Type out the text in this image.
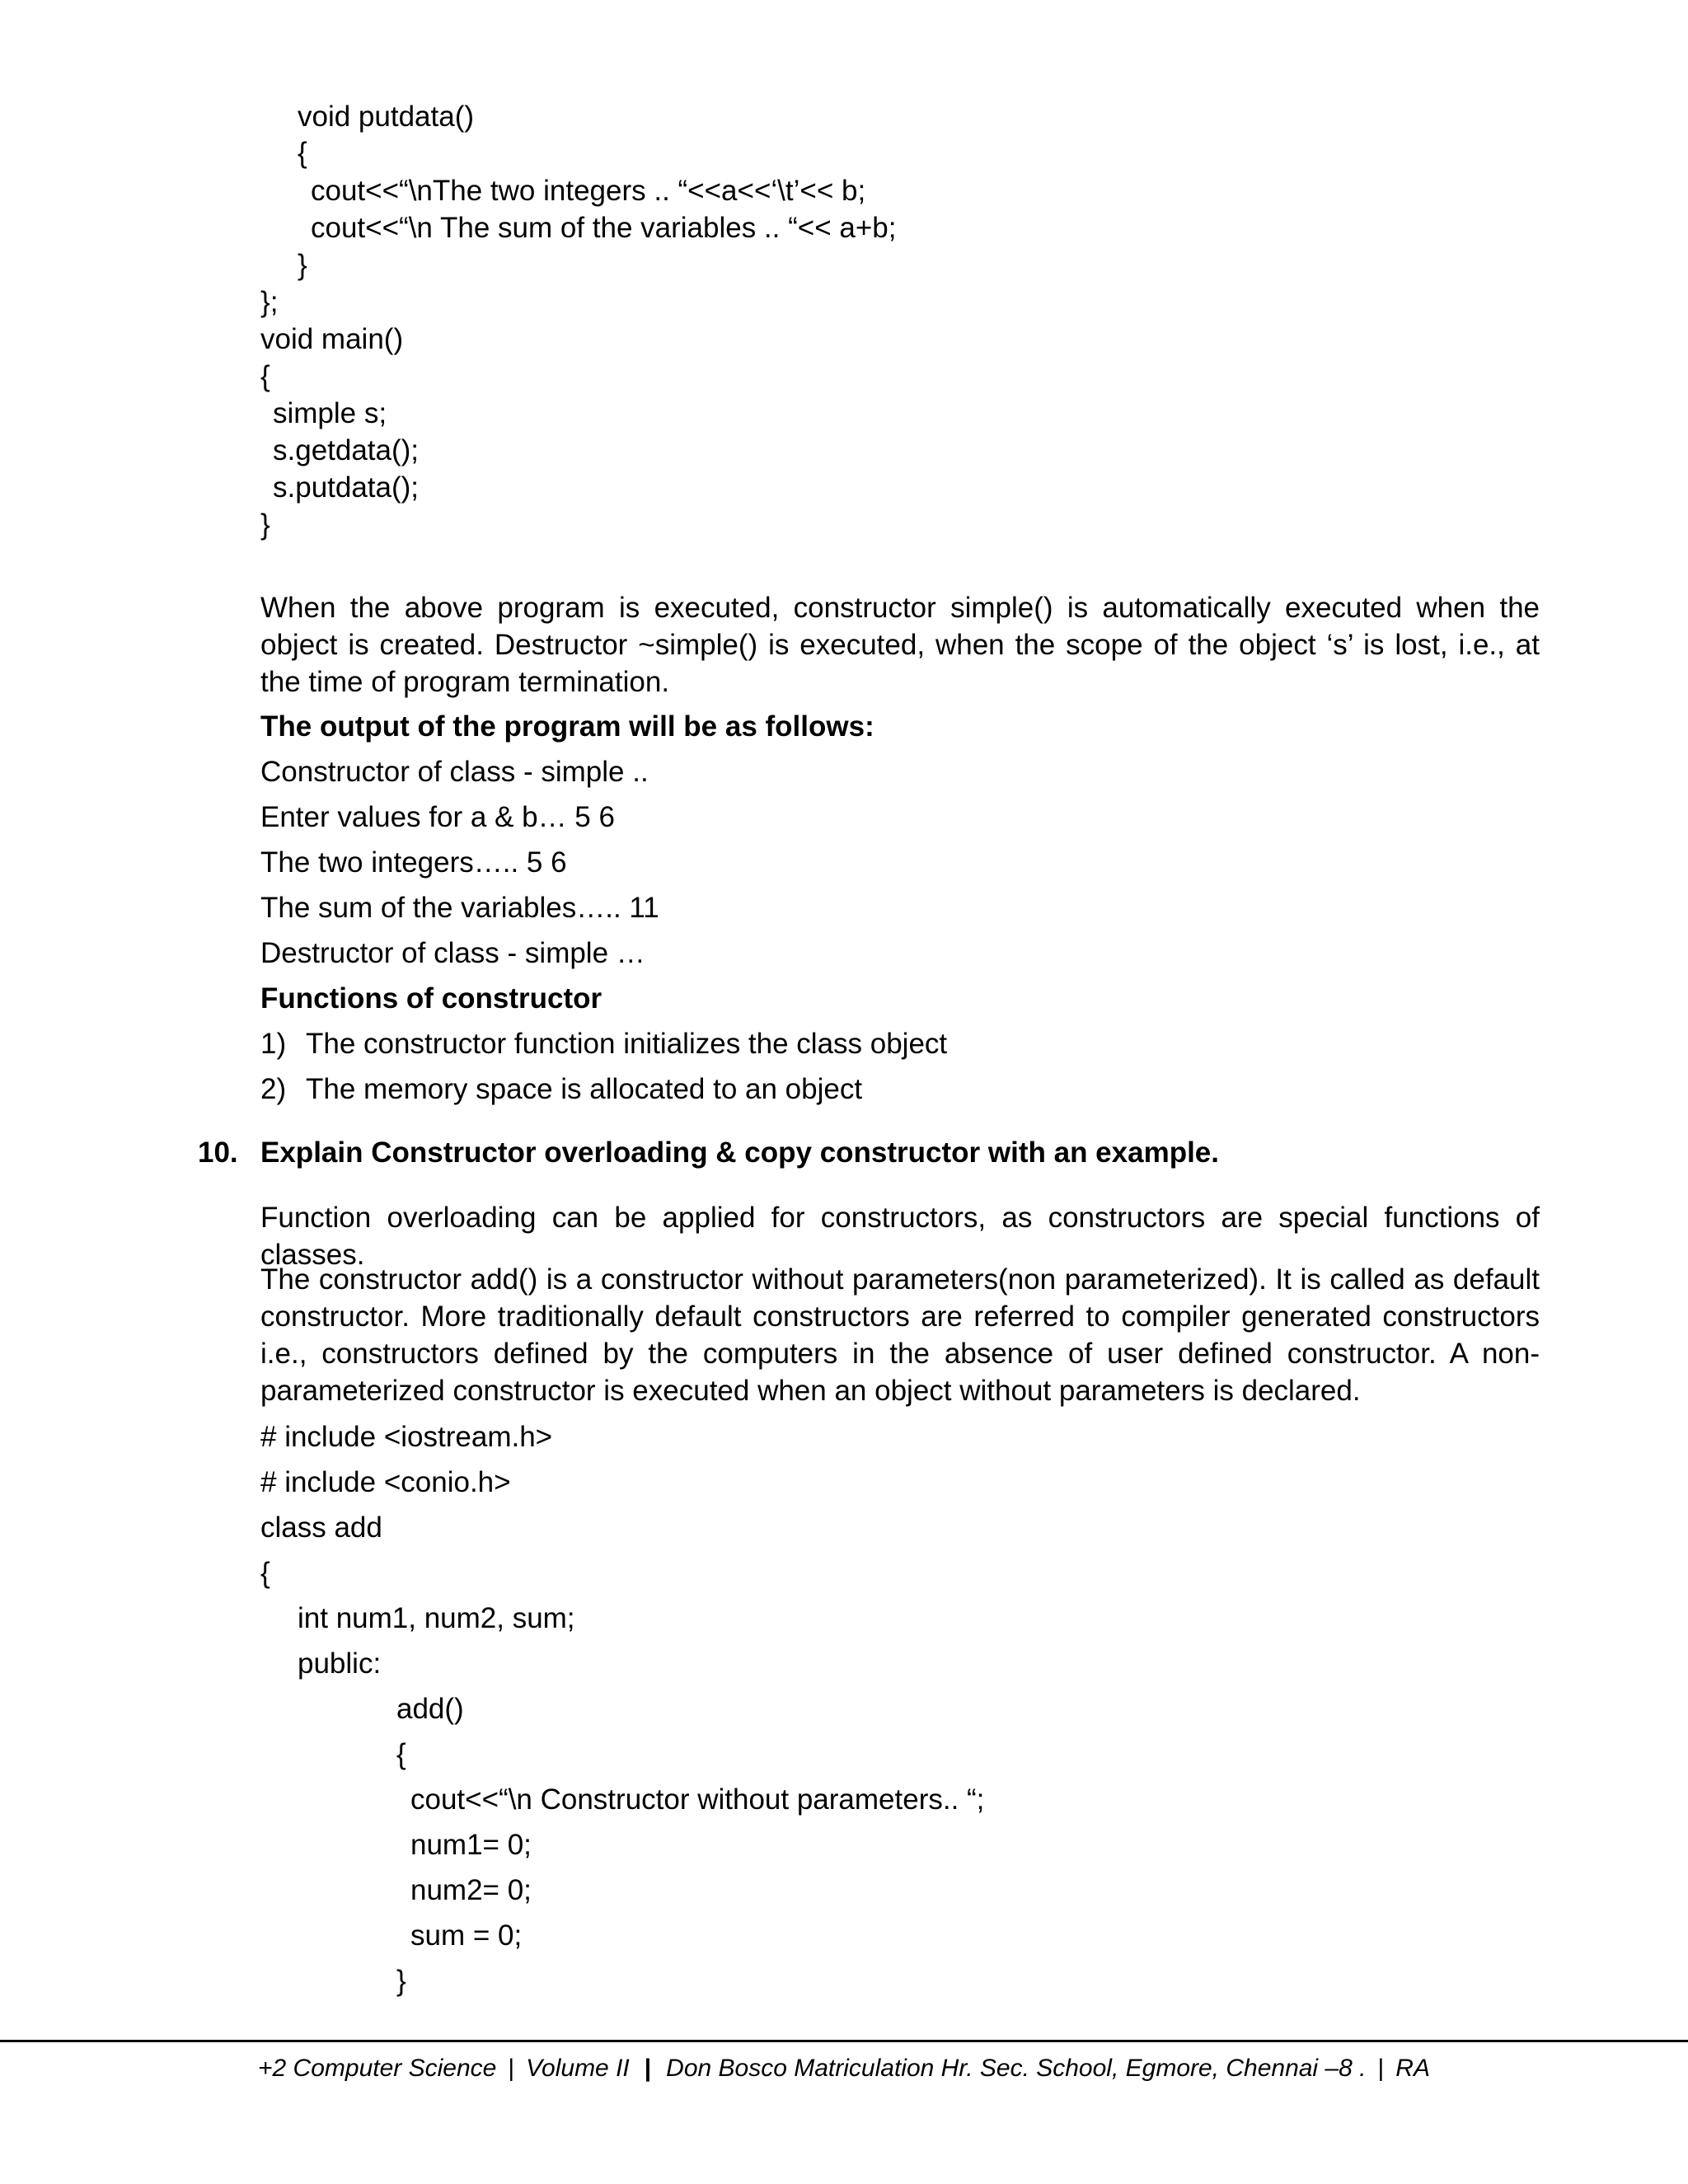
void putdata()
{
cout<<“\nThe two integers .. “<<a<<‘\t’<< b;
cout<<“\n The sum of the variables .. “<< a+b;
}
};
void main()
{
simple s;
s.getdata();
s.putdata();
}

When the above program is executed, constructor simple() is automatically executed when the object is created. Destructor ~simple() is executed, when the scope of the object ‘s’ is lost, i.e., at the time of program termination.

The output of the program will be as follows:
Constructor of class - simple ..
Enter values for a & b… 5 6
The two integers….. 5 6
The sum of the variables….. 11
Destructor of class - simple …
Functions of constructor
1) The constructor function initializes the class object
2) The memory space is allocated to an object
10. Explain Constructor overloading & copy constructor with an example.

Function overloading can be applied for constructors, as constructors are special functions of classes.

The constructor add() is a constructor without parameters(non parameterized). It is called as default constructor. More traditionally default constructors are referred to compiler generated constructors i.e., constructors defined by the computers in the absence of user defined constructor. A non-parameterized constructor is executed when an object without parameters is declared.

# include <iostream.h>
# include <conio.h>
class add
{
int num1, num2, sum;
public:
add()
{
cout<<“\n Constructor without parameters.. “;
num1= 0;
num2= 0;
sum = 0;
}
+2 Computer Science | Volume II | Don Bosco Matriculation Hr. Sec. School, Egmore, Chennai –8 . | RA
